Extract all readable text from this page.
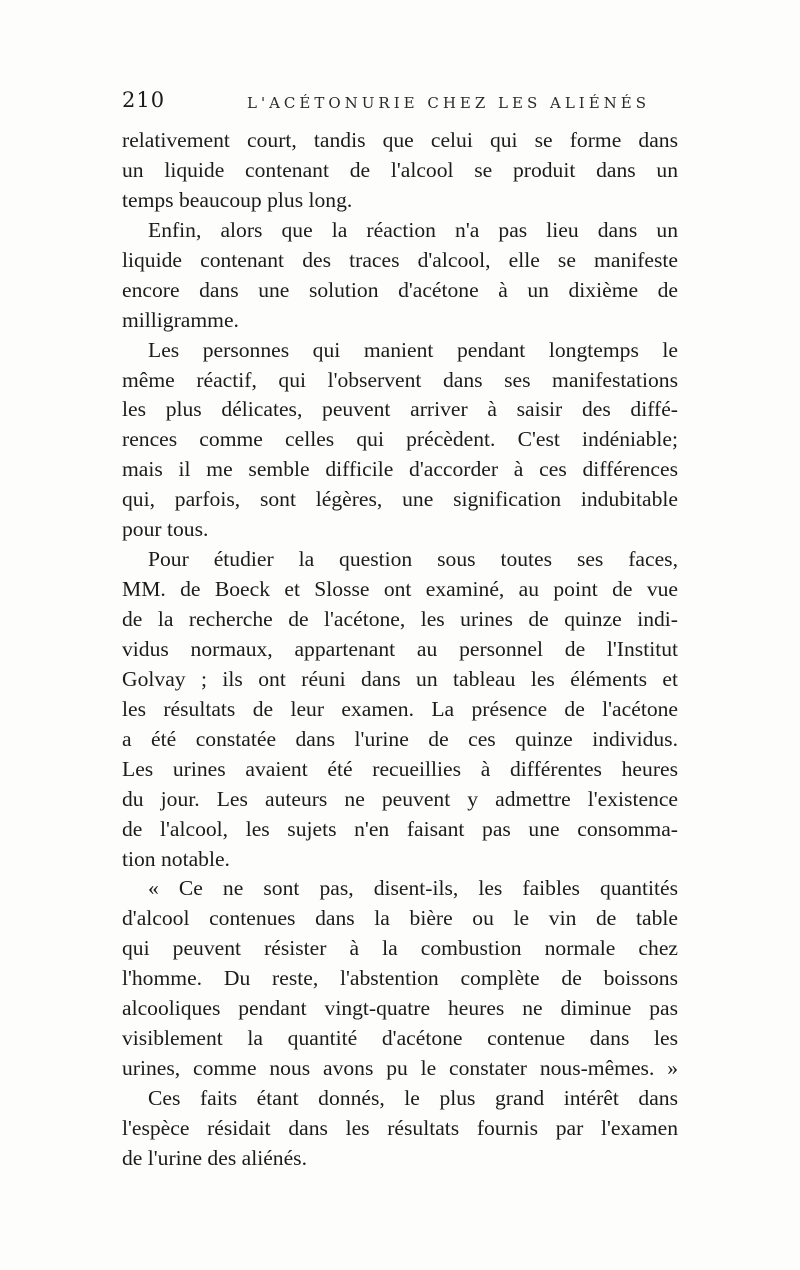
210	L'ACÉTONURIE CHEZ LES ALIÉNÉS
relativement court, tandis que celui qui se forme dans
un liquide contenant de l'alcool se produit dans un
temps beaucoup plus long.
Enfin, alors que la réaction n'a pas lieu dans un
liquide contenant des traces d'alcool, elle se manifeste
encore dans une solution d'acétone à un dixième de
milligramme.
Les personnes qui manient pendant longtemps le
même réactif, qui l'observent dans ses manifestations
les plus délicates, peuvent arriver à saisir des diffé-
rences comme celles qui précèdent. C'est indéniable;
mais il me semble difficile d'accorder à ces différences
qui, parfois, sont légères, une signification indubitable
pour tous.
Pour étudier la question sous toutes ses faces,
MM. de Boeck et Slosse ont examiné, au point de vue
de la recherche de l'acétone, les urines de quinze indi-
vidus normaux, appartenant au personnel de l'Institut
Golvay ; ils ont réuni dans un tableau les éléments et
les résultats de leur examen. La présence de l'acétone
a été constatée dans l'urine de ces quinze individus.
Les urines avaient été recueillies à différentes heures
du jour. Les auteurs ne peuvent y admettre l'existence
de l'alcool, les sujets n'en faisant pas une consomma-
tion notable.
« Ce ne sont pas, disent-ils, les faibles quantités
d'alcool contenues dans la bière ou le vin de table
qui peuvent résister à la combustion normale chez
l'homme. Du reste, l'abstention complète de boissons
alcooliques pendant vingt-quatre heures ne diminue pas
visiblement la quantité d'acétone contenue dans les
urines, comme nous avons pu le constater nous-mêmes. »
Ces faits étant donnés, le plus grand intérêt dans
l'espèce résidait dans les résultats fournis par l'examen
de l'urine des aliénés.
